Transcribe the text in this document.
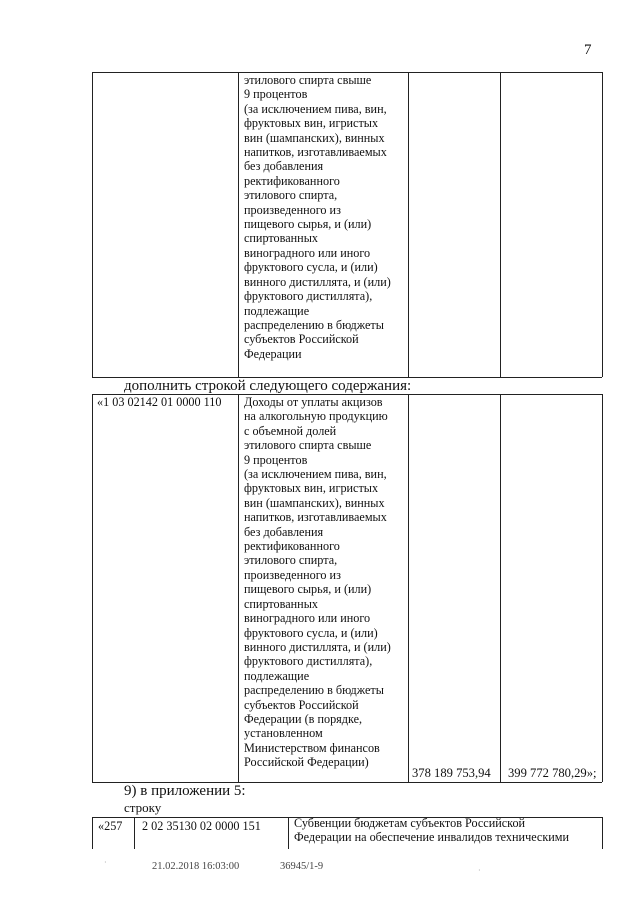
7
этилового спирта свыше
9 процентов
(за исключением пива, вин,
фруктовых вин, игристых
вин (шампанских), винных
напитков, изготавливаемых
без добавления
ректификованного
этилового спирта,
произведенного из
пищевого сырья, и (или)
спиртованных
виноградного или иного
фруктового сусла, и (или)
винного дистиллята, и (или)
фруктового дистиллята),
подлежащие
распределению в бюджеты
субъектов Российской
Федерации
дополнить строкой следующего содержания:
«1 03 02142 01 0000 110 Доходы от уплаты акцизов
на алкогольную продукцию
с объемной долей
этилового спирта свыше
9 процентов
(за исключением пива, вин,
фруктовых вин, игристых
вин (шампанских), винных
напитков, изготавливаемых
без добавления
ректификованного
этилового спирта,
произведенного из
пищевого сырья, и (или)
спиртованных
виноградного или иного
фруктового сусла, и (или)
винного дистиллята, и (или)
фруктового дистиллята),
подлежащие
распределению в бюджеты
субъектов Российской
Федерации (в порядке,
установленном
Министерством финансов
Российской Федерации)
378 189 753,94 399 772 780,29»;
9) в приложении 5:
строку
«257 2 02 35130 02 0000 151	Субвенции бюджетам субъектов Российской
Федерации на обеспечение инвалидов техническими
21.02.2018 16:03:00	36945/1-9
·
·
